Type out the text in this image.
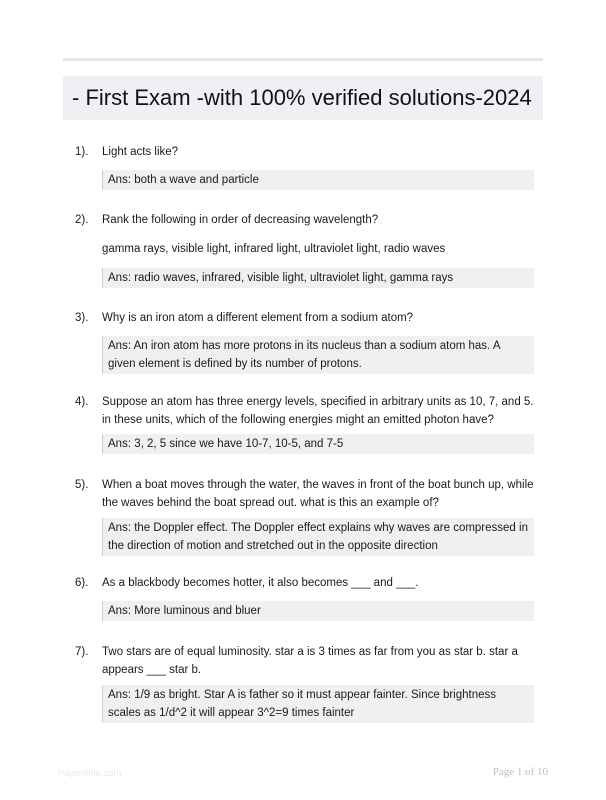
- First Exam -with 100% verified solutions-2024
1). Light acts like?
Ans: both a wave and particle
2). Rank the following in order of decreasing wavelength?
gamma rays, visible light, infrared light, ultraviolet light, radio waves
Ans: radio waves, infrared, visible light, ultraviolet light, gamma rays
3). Why is an iron atom a different element from a sodium atom?
Ans: An iron atom has more protons in its nucleus than a sodium atom has. A given element is defined by its number of protons.
4). Suppose an atom has three energy levels, specified in arbitrary units as 10, 7, and 5. in these units, which of the following energies might an emitted photon have?
Ans: 3, 2, 5 since we have 10-7, 10-5, and 7-5
5). When a boat moves through the water, the waves in front of the boat bunch up, while the waves behind the boat spread out. what is this an example of?
Ans: the Doppler effect. The Doppler effect explains why waves are compressed in the direction of motion and stretched out in the opposite direction
6). As a blackbody becomes hotter, it also becomes ___ and ___.
Ans: More luminous and bluer
7). Two stars are of equal luminosity. star a is 3 times as far from you as star b. star a appears ___ star b.
Ans: 1/9 as bright. Star A is father so it must appear fainter. Since brightness scales as 1/d^2 it will appear 3^2=9 times fainter
Papertible.com	Page 1 of 10
